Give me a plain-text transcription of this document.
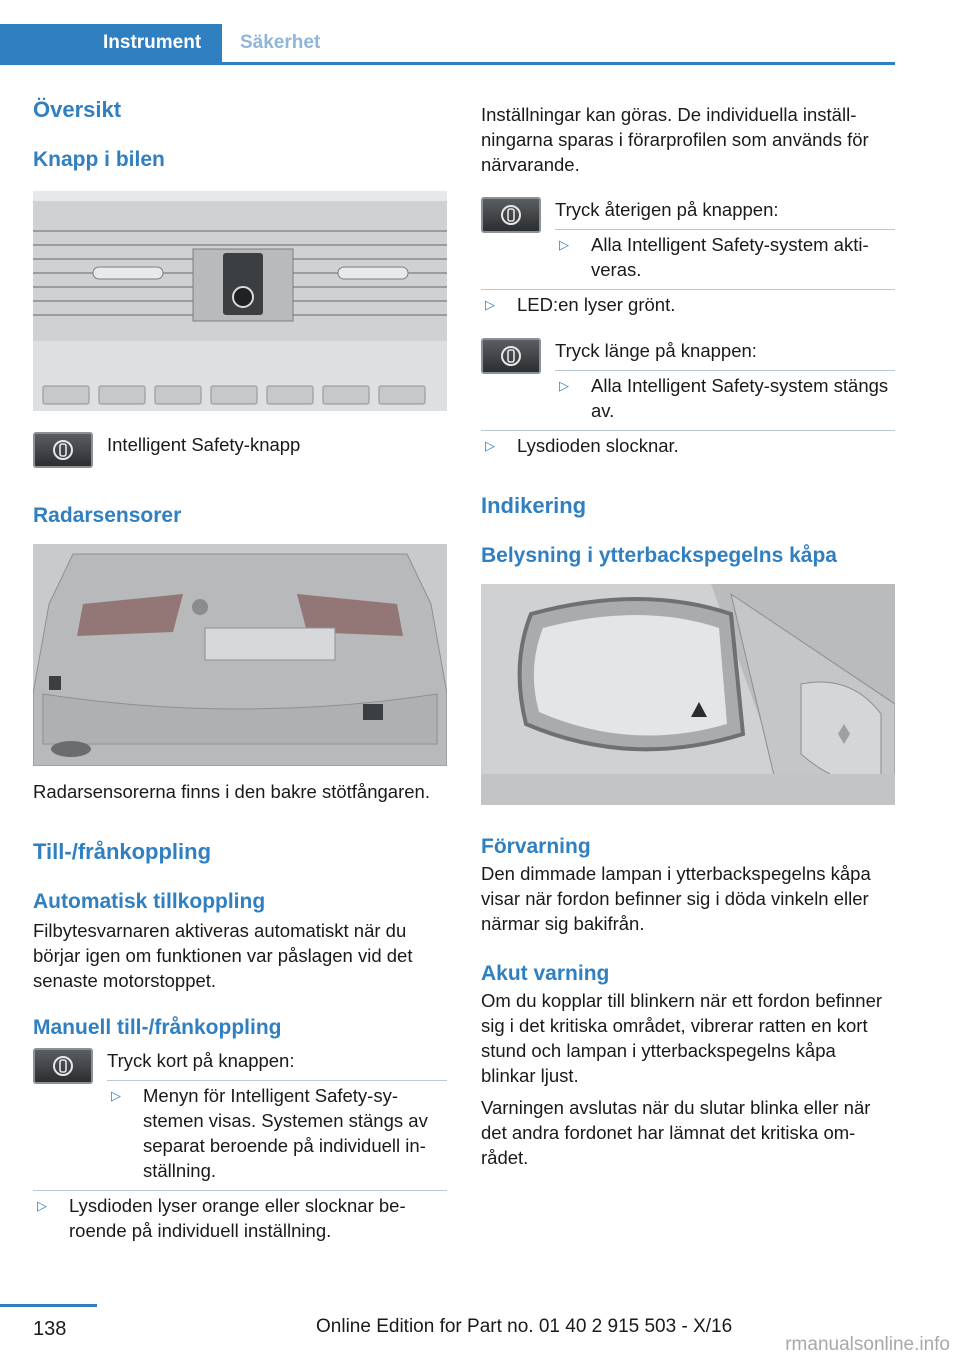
Instrument Säkerhet
Översikt
Knapp i bilen
Intelligent Safety-knapp
Radarsensorer
Radarsensorerna finns i den bakre stötfångaren.
Till-/frånkoppling
Automatisk tillkoppling
Filbytesvarnaren aktiveras automatiskt när du börjar igen om funktionen var påslagen vid det senaste motorstoppet.
Manuell till-/frånkoppling
Tryck kort på knappen:
▷	Menyn för Intelligent Safety-systemen visas. Systemen stängs av separat beroende på individuell inställning.
▷	Lysdioden lyser orange eller slocknar beroende på individuell inställning.
Inställningar kan göras. De individuella inställningarna sparas i förarprofilen som används för närvarande.
Tryck återigen på knappen:
▷	Alla Intelligent Safety-system aktiveras.
▷	LED:en lyser grönt.
Tryck länge på knappen:
▷	Alla Intelligent Safety-system stängs av.
▷	Lysdioden slocknar.
Indikering
Belysning i ytterbackspegelns kåpa
Förvarning
Den dimmade lampan i ytterbackspegelns kåpa visar när fordon befinner sig i döda vinkeln eller närmar sig bakifrån.
Akut varning
Om du kopplar till blinkern när ett fordon befinner sig i det kritiska området, vibrerar ratten en kort stund och lampan i ytterbackspegelns kåpa blinkar ljust.
Varningen avslutas när du slutar blinka eller när det andra fordonet har lämnat det kritiska området.
138	Online Edition for Part no. 01 40 2 915 503 - X/16
rmanualsonline.info
